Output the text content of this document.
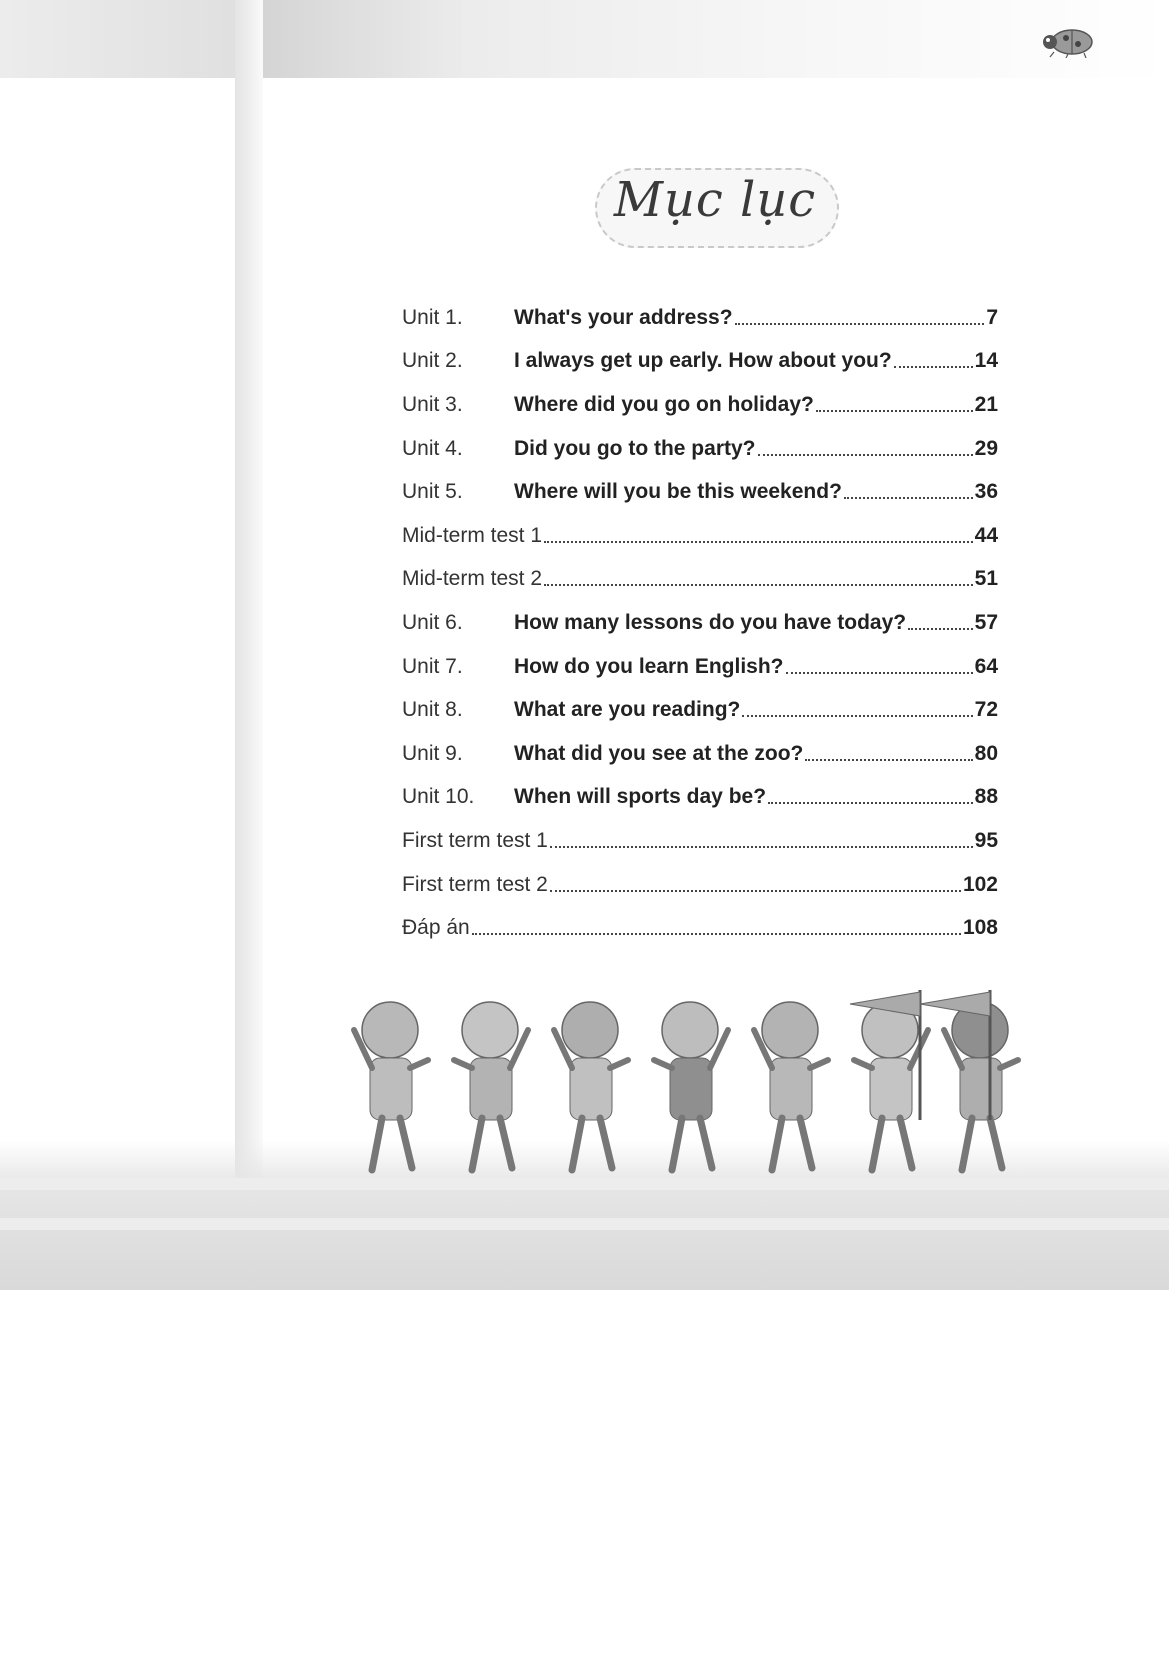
Mục lục
Unit 1.	What's your address?	7
Unit 2.	I always get up early. How about you?	14
Unit 3.	Where did you go on holiday?	21
Unit 4.	Did you go to the party?	29
Unit 5.	Where will you be this weekend?	36
Mid-term test 1	44
Mid-term test 2	51
Unit 6.	How many lessons do you have today?	57
Unit 7.	How do you learn English?	64
Unit 8.	What are you reading?	72
Unit 9.	What did you see at the zoo?	80
Unit 10.	When will sports day be?	88
First term test 1	95
First term test 2	102
Đáp án	108
